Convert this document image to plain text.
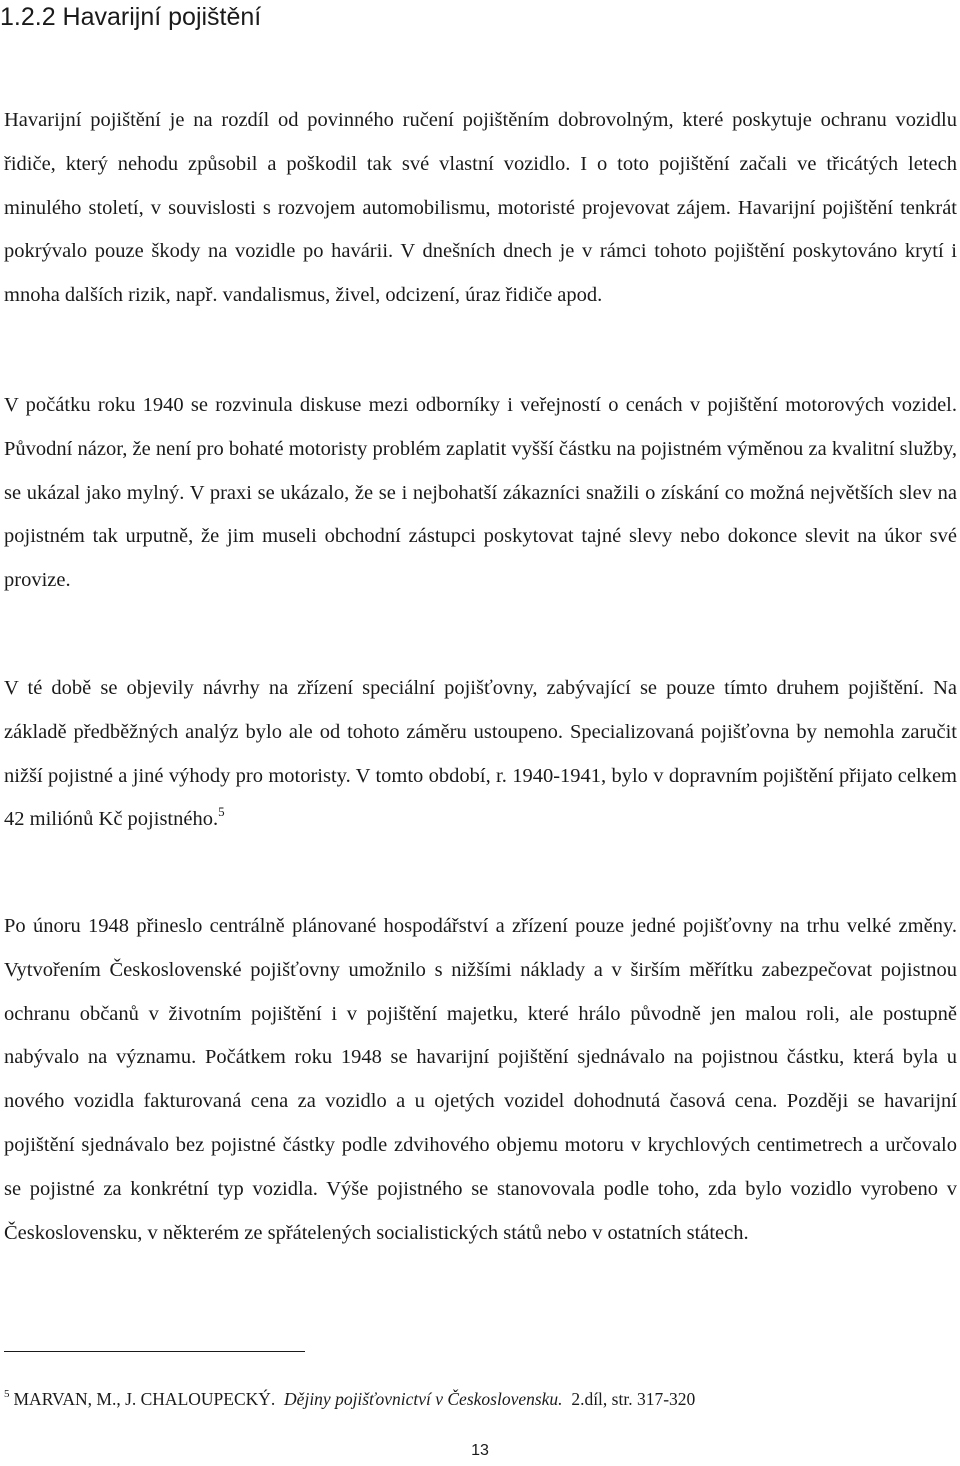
1.2.2 Havarijní pojištění

Havarijní pojištění je na rozdíl od povinného ručení pojištěním dobrovolným, které poskytuje ochranu vozidlu řidiče, který nehodu způsobil a poškodil tak své vlastní vozidlo. I o toto pojištění začali ve třicátých letech minulého století, v souvislosti s rozvojem automobilismu, motoristé projevovat zájem. Havarijní pojištění tenkrát pokrývalo pouze škody na vozidle po havárii. V dnešních dnech je v rámci tohoto pojištění poskytováno krytí i mnoha dalších rizik, např. vandalismus, živel, odcizení, úraz řidiče apod.

V počátku roku 1940 se rozvinula diskuse mezi odborníky i veřejností o cenách v pojištění motorových vozidel. Původní názor, že není pro bohaté motoristy problém zaplatit vyšší částku na pojistném výměnou za kvalitní služby, se ukázal jako mylný. V praxi se ukázalo, že se i nejbohatší zákazníci snažili o získání co možná největších slev na pojistném tak urputně, že jim museli obchodní zástupci poskytovat tajné slevy nebo dokonce slevit na úkor své provize.

V té době se objevily návrhy na zřízení speciální pojišťovny, zabývající se pouze tímto druhem pojištění. Na základě předběžných analýz bylo ale od tohoto záměru ustoupeno. Specializovaná pojišťovna by nemohla zaručit nižší pojistné a jiné výhody pro motoristy. V tomto období, r. 1940-1941, bylo v dopravním pojištění přijato celkem 42 miliónů Kč pojistného.$^5$

Po únoru 1948 přineslo centrálně plánované hospodářství a zřízení pouze jedné pojišťovny na trhu velké změny. Vytvořením Československé pojišťovny umožnilo s nižšími náklady a v širším měřítku zabezpečovat pojistnou ochranu občanů v životním pojištění i v pojištění majetku, které hrálo původně jen malou roli, ale postupně nabývalo na významu. Počátkem roku 1948 se havarijní pojištění sjednávalo na pojistnou částku, která byla u nového vozidla fakturovaná cena za vozidlo a u ojetých vozidel dohodnutá časová cena. Později se havarijní pojištění sjednávalo bez pojistné částky podle zdvihového objemu motoru v krychlových centimetrech a určovalo se pojistné za konkrétní typ vozidla. Výše pojistného se stanovovala podle toho, zda bylo vozidlo vyrobeno v Československu, v některém ze spřátelených socialistických států nebo v ostatních státech.

$^5$ MARVAN, M., J. CHALOUPECKÝ. Dějiny pojišťovnictví v Československu. 2.díl, str. 317-320

13
